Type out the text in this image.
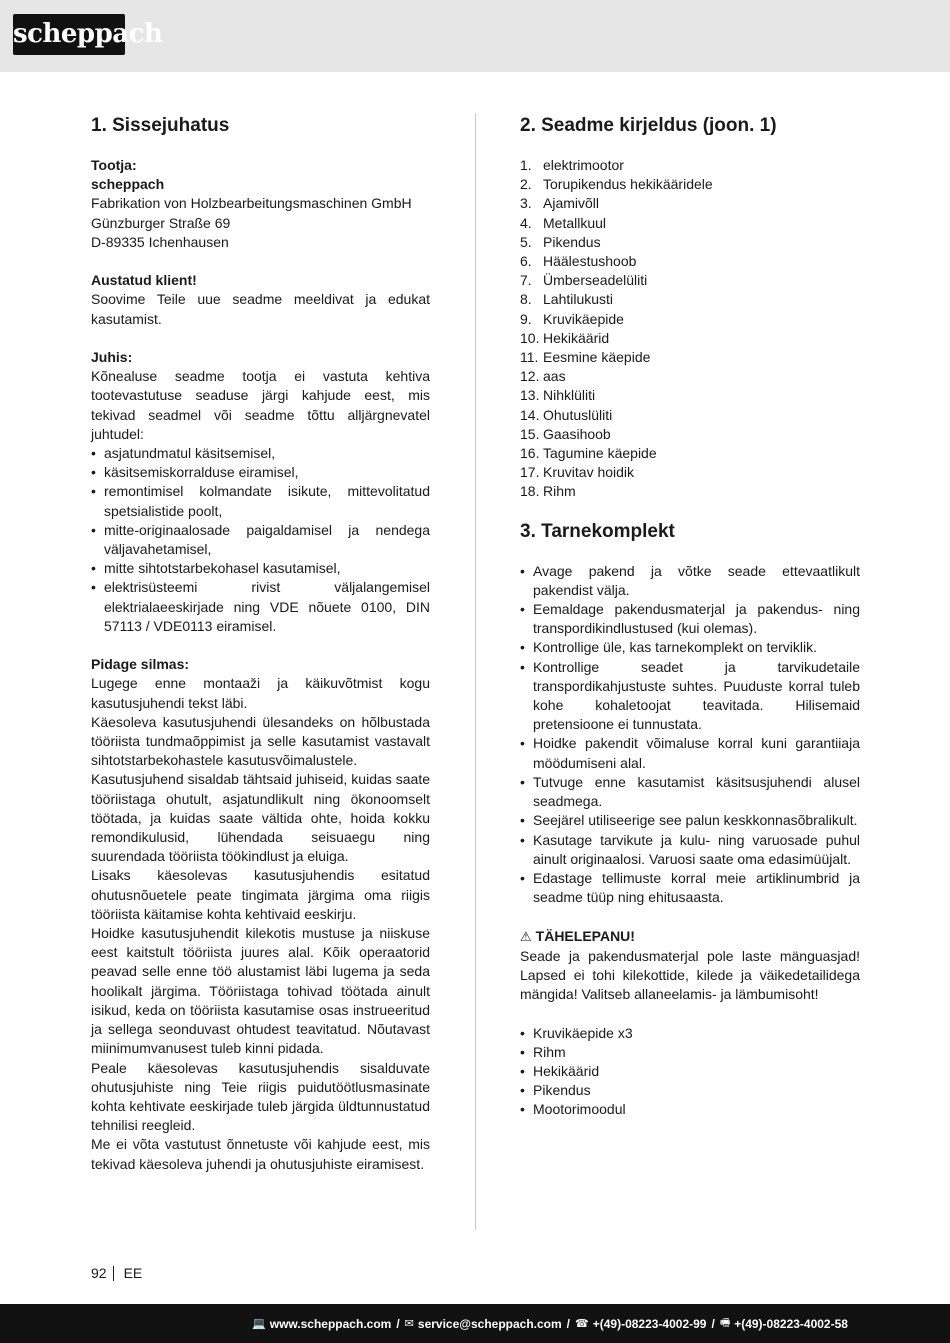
scheppach
1. Sissejuhatus
Tootja:
scheppach
Fabrikation von Holzbearbeitungsmaschinen GmbH
Günzburger Straße 69
D-89335 Ichenhausen
Austatud klient!

Soovime Teile uue seadme meeldivat ja edukat kasutamist.

Juhis:

Kõnealuse seadme tootja ei vastuta kehtiva tootevastutuse seaduse järgi kahjude eest, mis tekivad seadmel või seadme tõttu alljärgnevatel juhtudel:

• asjatundmatul käsitsemisel,
• käsitsemiskorralduse eiramisel,
• remontimisel kolmandate isikute, mittevolitatud spetsialistide poolt,
• mitte-originaalosade paigaldamisel ja nendega väljavahetamisel,
• mitte sihtotstarbekohasel kasutamisel,
• elektrisüsteemi rivist väljalangemisel elektrialaeeskirjade ning VDE nõuete 0100, DIN 57113 / VDE0113 eiramisel.
Pidage silmas:

Lugege enne montaaži ja käikuvõtmist kogu kasutusjuhendi tekst läbi.

Käesoleva kasutusjuhendi ülesandeks on hõlbustada tööriista tundmaõppimist ja selle kasutamist vastavalt sihtotstarbekohastele kasutusvõimalustele.

Kasutusjuhend sisaldab tähtsaid juhiseid, kuidas saate tööriistaga ohutult, asjatundlikult ning ökonoomselt töötada, ja kuidas saate vältida ohte, hoida kokku remondikulusid, lühendada seisuaegu ning suurendada tööriista töökindlust ja eluiga.

Lisaks käesolevas kasutusjuhendis esitatud ohutusnõuetele peate tingimata järgima oma riigis tööriista käitamise kohta kehtivaid eeskirju.

Hoidke kasutusjuhendit kilekotis mustuse ja niiskuse eest kaitstult tööriista juures alal. Kõik operaatorid peavad selle enne töö alustamist läbi lugema ja seda hoolikalt järgima. Tööriistaga tohivad töötada ainult isikud, keda on tööriista kasutamise osas instrueeritud ja sellega seonduvast ohtudest teavitatud. Nõutavast miinimumvanusest tuleb kinni pidada.

Peale käesolevas kasutusjuhendis sisalduvate ohutusjuhiste ning Teie riigis puidutöötlusmasinate kohta kehtivate eeskirjade tuleb järgida üldtunnustatud tehnilisi reegleid.

Me ei võta vastutust õnnetuste või kahjude eest, mis tekivad käesoleva juhendi ja ohutusjuhiste eiramisest.

2. Seadme kirjeldus (joon. 1)
1. elektrimootor
2. Torupikendus hekikääridele
3. Ajamivõll
4. Metallkuul
5. Pikendus
6. Häälestushoob
7. Ümberseadelüliti
8. Lahtilukusti
9. Kruvikäepide
10. Hekikäärid
11. Eesmine käepide
12. aas
13. Nihklüliti
14. Ohutuslüliti
15. Gaasihoob
16. Tagumine käepide
17. Kruvitav hoidik
18. Rihm
3. Tarnekomplekt
• Avage pakend ja võtke seade ettevaatlikult pakendist välja.
• Eemaldage pakendusmaterjal ja pakendus- ning transpordikindlustused (kui olemas).
• Kontrollige üle, kas tarnekomplekt on terviklik.
• Kontrollige seadet ja tarvikudetaile transpordikahjustuste suhtes. Puuduste korral tuleb kohe kohaletoojat teavitada. Hilisemaid pretensioone ei tunnustata.
• Hoidke pakendit võimaluse korral kuni garantiiaja möödumiseni alal.
• Tutvuge enne kasutamist käsitsusjuhendi alusel seadmega.
• Seejärel utiliseerige see palun keskkonnasõbralikult.
• Kasutage tarvikute ja kulu- ning varuosade puhul ainult originaalosi. Varuosi saate oma edasimüüjalt.
• Edastage tellimuste korral meie artiklinumbrid ja seadme tüüp ning ehitusaasta.
⚠ TÄHELEPANU!

Seade ja pakendusmaterjal pole laste mänguasjad! Lapsed ei tohi kilekottide, kilede ja väikedetailidega mängida! Valitseb allaneelamis- ja lämbumisoht!

• Kruvikäepide x3
• Rihm
• Hekikäärid
• Pikendus
• Mootorimoodul
92 EE
💻 www.scheppach.com / ✉ service@scheppach.com / ☎ +(49)-08223-4002-99 / 🖷 +(49)-08223-4002-58
